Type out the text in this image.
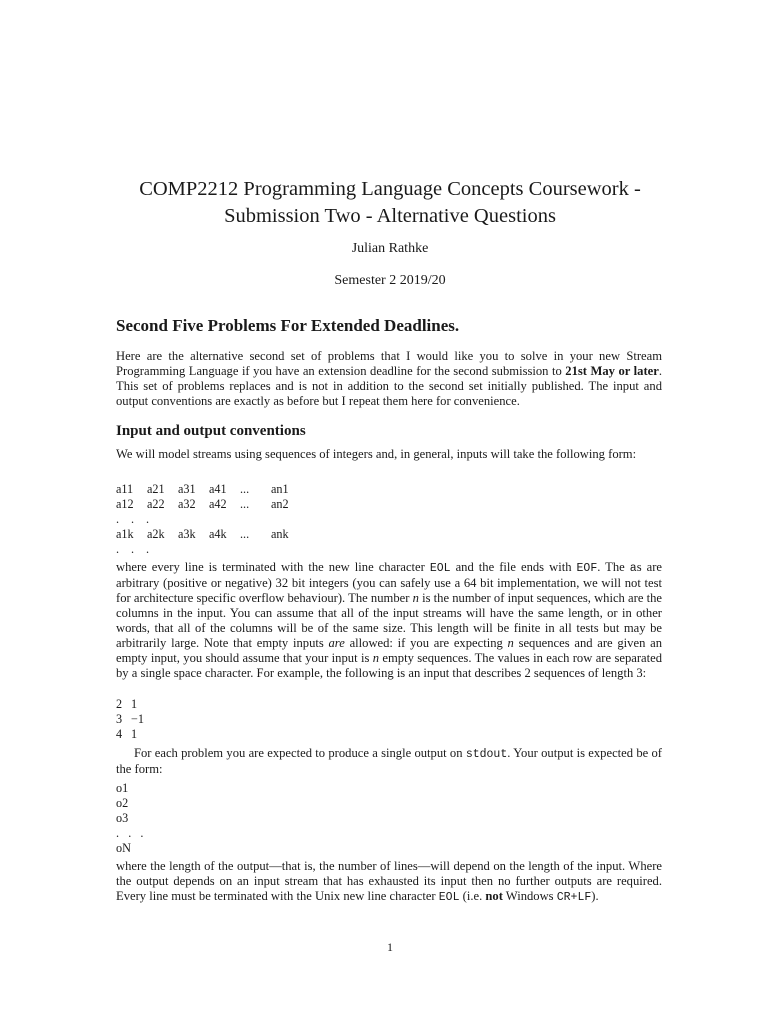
COMP2212 Programming Language Concepts Coursework -
Submission Two - Alternative Questions
Julian Rathke
Semester 2 2019/20
Second Five Problems For Extended Deadlines.

Here are the alternative second set of problems that I would like you to solve in your new Stream Programming Language if you have an extension deadline for the second submission to 21st May or later. This set of problems replaces and is not in addition to the second set initially published. The input and output conventions are exactly as before but I repeat them here for convenience.

Input and output conventions

We will model streams using sequences of integers and, in general, inputs will take the following form:

a11 a21 a31 a41 ... an1
a12 a22 a32 a42 ... an2
. . .
a1k a2k a3k a4k ... ank
. . .

where every line is terminated with the new line character EOL and the file ends with EOF. The as are arbitrary (positive or negative) 32 bit integers (you can safely use a 64 bit implementation, we will not test for architecture specific overflow behaviour). The number n is the number of input sequences, which are the columns in the input. You can assume that all of the input streams will have the same length, or in other words, that all of the columns will be of the same size. This length will be finite in all tests but may be arbitrarily large. Note that empty inputs are allowed: if you are expecting n sequences and are given an empty input, you should assume that your input is n empty sequences. The values in each row are separated by a single space character. For example, the following is an input that describes 2 sequences of length 3:

2 1
3 −1
4 1

For each problem you are expected to produce a single output on stdout. Your output is expected be of the form:

o1
o2
o3
.   .   .
oN

where the length of the output—that is, the number of lines—will depend on the length of the input. Where the output depends on an input stream that has exhausted its input then no further outputs are required. Every line must be terminated with the Unix new line character EOL (i.e. not Windows CR+LF).

1
